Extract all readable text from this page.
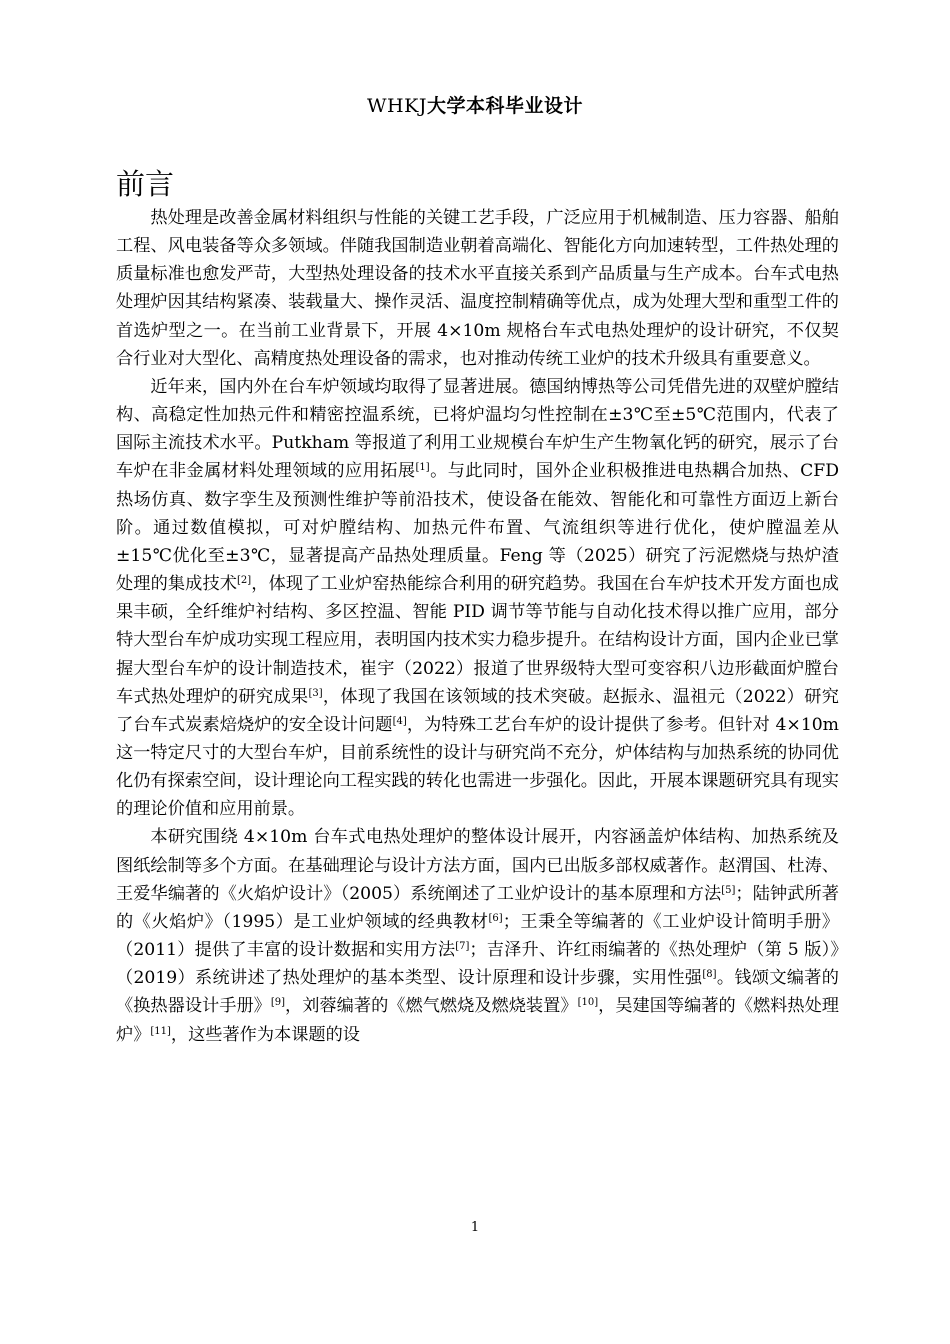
WHKJ大学本科毕业设计
前言

热处理是改善金属材料组织与性能的关键工艺手段，广泛应用于机械制造、压力容器、船舶工程、风电装备等众多领域。伴随我国制造业朝着高端化、智能化方向加速转型，工件热处理的质量标准也愈发严苛，大型热处理设备的技术水平直接关系到产品质量与生产成本。台车式电热处理炉因其结构紧凑、装载量大、操作灵活、温度控制精确等优点，成为处理大型和重型工件的首选炉型之一。在当前工业背景下，开展 4×10m 规格台车式电热处理炉的设计研究，不仅契合行业对大型化、高精度热处理设备的需求，也对推动传统工业炉的技术升级具有重要意义。

近年来，国内外在台车炉领域均取得了显著进展。德国纳博热等公司凭借先进的双壁炉膛结构、高稳定性加热元件和精密控温系统，已将炉温均匀性控制在±3℃至±5℃范围内，代表了国际主流技术水平。Putkham 等报道了利用工业规模台车炉生产生物氧化钙的研究，展示了台车炉在非金属材料处理领域的应用拓展[1]。与此同时，国外企业积极推进电热耦合加热、CFD 热场仿真、数字孪生及预测性维护等前沿技术，使设备在能效、智能化和可靠性方面迈上新台阶。通过数值模拟，可对炉膛结构、加热元件布置、气流组织等进行优化，使炉膛温差从±15℃优化至±3℃，显著提高产品热处理质量。Feng 等（2025）研究了污泥燃烧与热炉渣处理的集成技术[2]，体现了工业炉窑热能综合利用的研究趋势。我国在台车炉技术开发方面也成果丰硕，全纤维炉衬结构、多区控温、智能 PID 调节等节能与自动化技术得以推广应用，部分特大型台车炉成功实现工程应用，表明国内技术实力稳步提升。在结构设计方面，国内企业已掌握大型台车炉的设计制造技术，崔宇（2022）报道了世界级特大型可变容积八边形截面炉膛台车式热处理炉的研究成果[3]，体现了我国在该领域的技术突破。赵振永、温祖元（2022）研究了台车式炭素焙烧炉的安全设计问题[4]，为特殊工艺台车炉的设计提供了参考。但针对 4×10m 这一特定尺寸的大型台车炉，目前系统性的设计与研究尚不充分，炉体结构与加热系统的协同优化仍有探索空间，设计理论向工程实践的转化也需进一步强化。因此，开展本课题研究具有现实的理论价值和应用前景。

本研究围绕 4×10m 台车式电热处理炉的整体设计展开，内容涵盖炉体结构、加热系统及图纸绘制等多个方面。在基础理论与设计方法方面，国内已出版多部权威著作。赵渭国、杜涛、王爱华编著的《火焰炉设计》（2005）系统阐述了工业炉设计的基本原理和方法[5]；陆钟武所著的《火焰炉》（1995）是工业炉领域的经典教材[6]；王秉全等编著的《工业炉设计简明手册》（2011）提供了丰富的设计数据和实用方法[7]；吉泽升、许红雨编著的《热处理炉（第 5 版）》（2019）系统讲述了热处理炉的基本类型、设计原理和设计步骤，实用性强[8]。钱颂文编著的《换热器设计手册》[9]，刘蓉编著的《燃气燃烧及燃烧装置》[10]，吴建国等编著的《燃料热处理炉》[11]，这些著作为本课题的设

1
